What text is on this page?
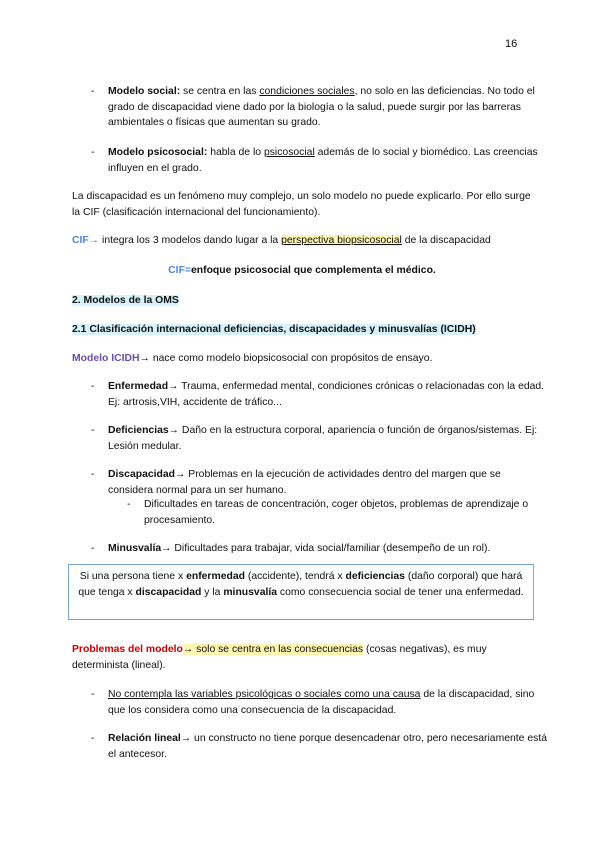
16
- Modelo social: se centra en las condiciones sociales, no solo en las deficiencias. No todo el grado de discapacidad viene dado por la biología o la salud, puede surgir por las barreras ambientales o físicas que aumentan su grado.
- Modelo psicosocial: habla de lo psicosocial además de lo social y biomédico. Las creencias influyen en el grado.
La discapacidad es un fenómeno muy complejo, un solo modelo no puede explicarlo. Por ello surge la CIF (clasificación internacional del funcionamiento).
CIF→ integra los 3 modelos dando lugar a la perspectiva biopsicosocial de la discapacidad
CIF=enfoque psicosocial que complementa el médico.
2. Modelos de la OMS
2.1 Clasificación internacional deficiencias, discapacidades y minusvalías (ICIDH)
Modelo ICIDH→ nace como modelo biopsicosocial con propósitos de ensayo.
- Enfermedad→ Trauma, enfermedad mental, condiciones crónicas o relacionadas con la edad. Ej: artrosis,VIH, accidente de tráfico...
- Deficiencias→ Daño en la estructura corporal, apariencia o función de órganos/sistemas. Ej: Lesión medular.
- Discapacidad→ Problemas en la ejecución de actividades dentro del margen que se considera normal para un ser humano.
- Dificultades en tareas de concentración, coger objetos, problemas de aprendizaje o procesamiento.
- Minusvalía→ Dificultades para trabajar, vida social/familiar (desempeño de un rol).
Si una persona tiene x enfermedad (accidente), tendrá x deficiencias (daño corporal) que hará que tenga x discapacidad y la minusvalía como consecuencia social de tener una enfermedad.
Problemas del modelo→ solo se centra en las consecuencias (cosas negativas), es muy determinista (lineal).
- No contempla las variables psicológicas o sociales como una causa de la discapacidad, sino que los considera como una consecuencia de la discapacidad.
- Relación lineal→ un constructo no tiene porque desencadenar otro, pero necesariamente está el antecesor.
